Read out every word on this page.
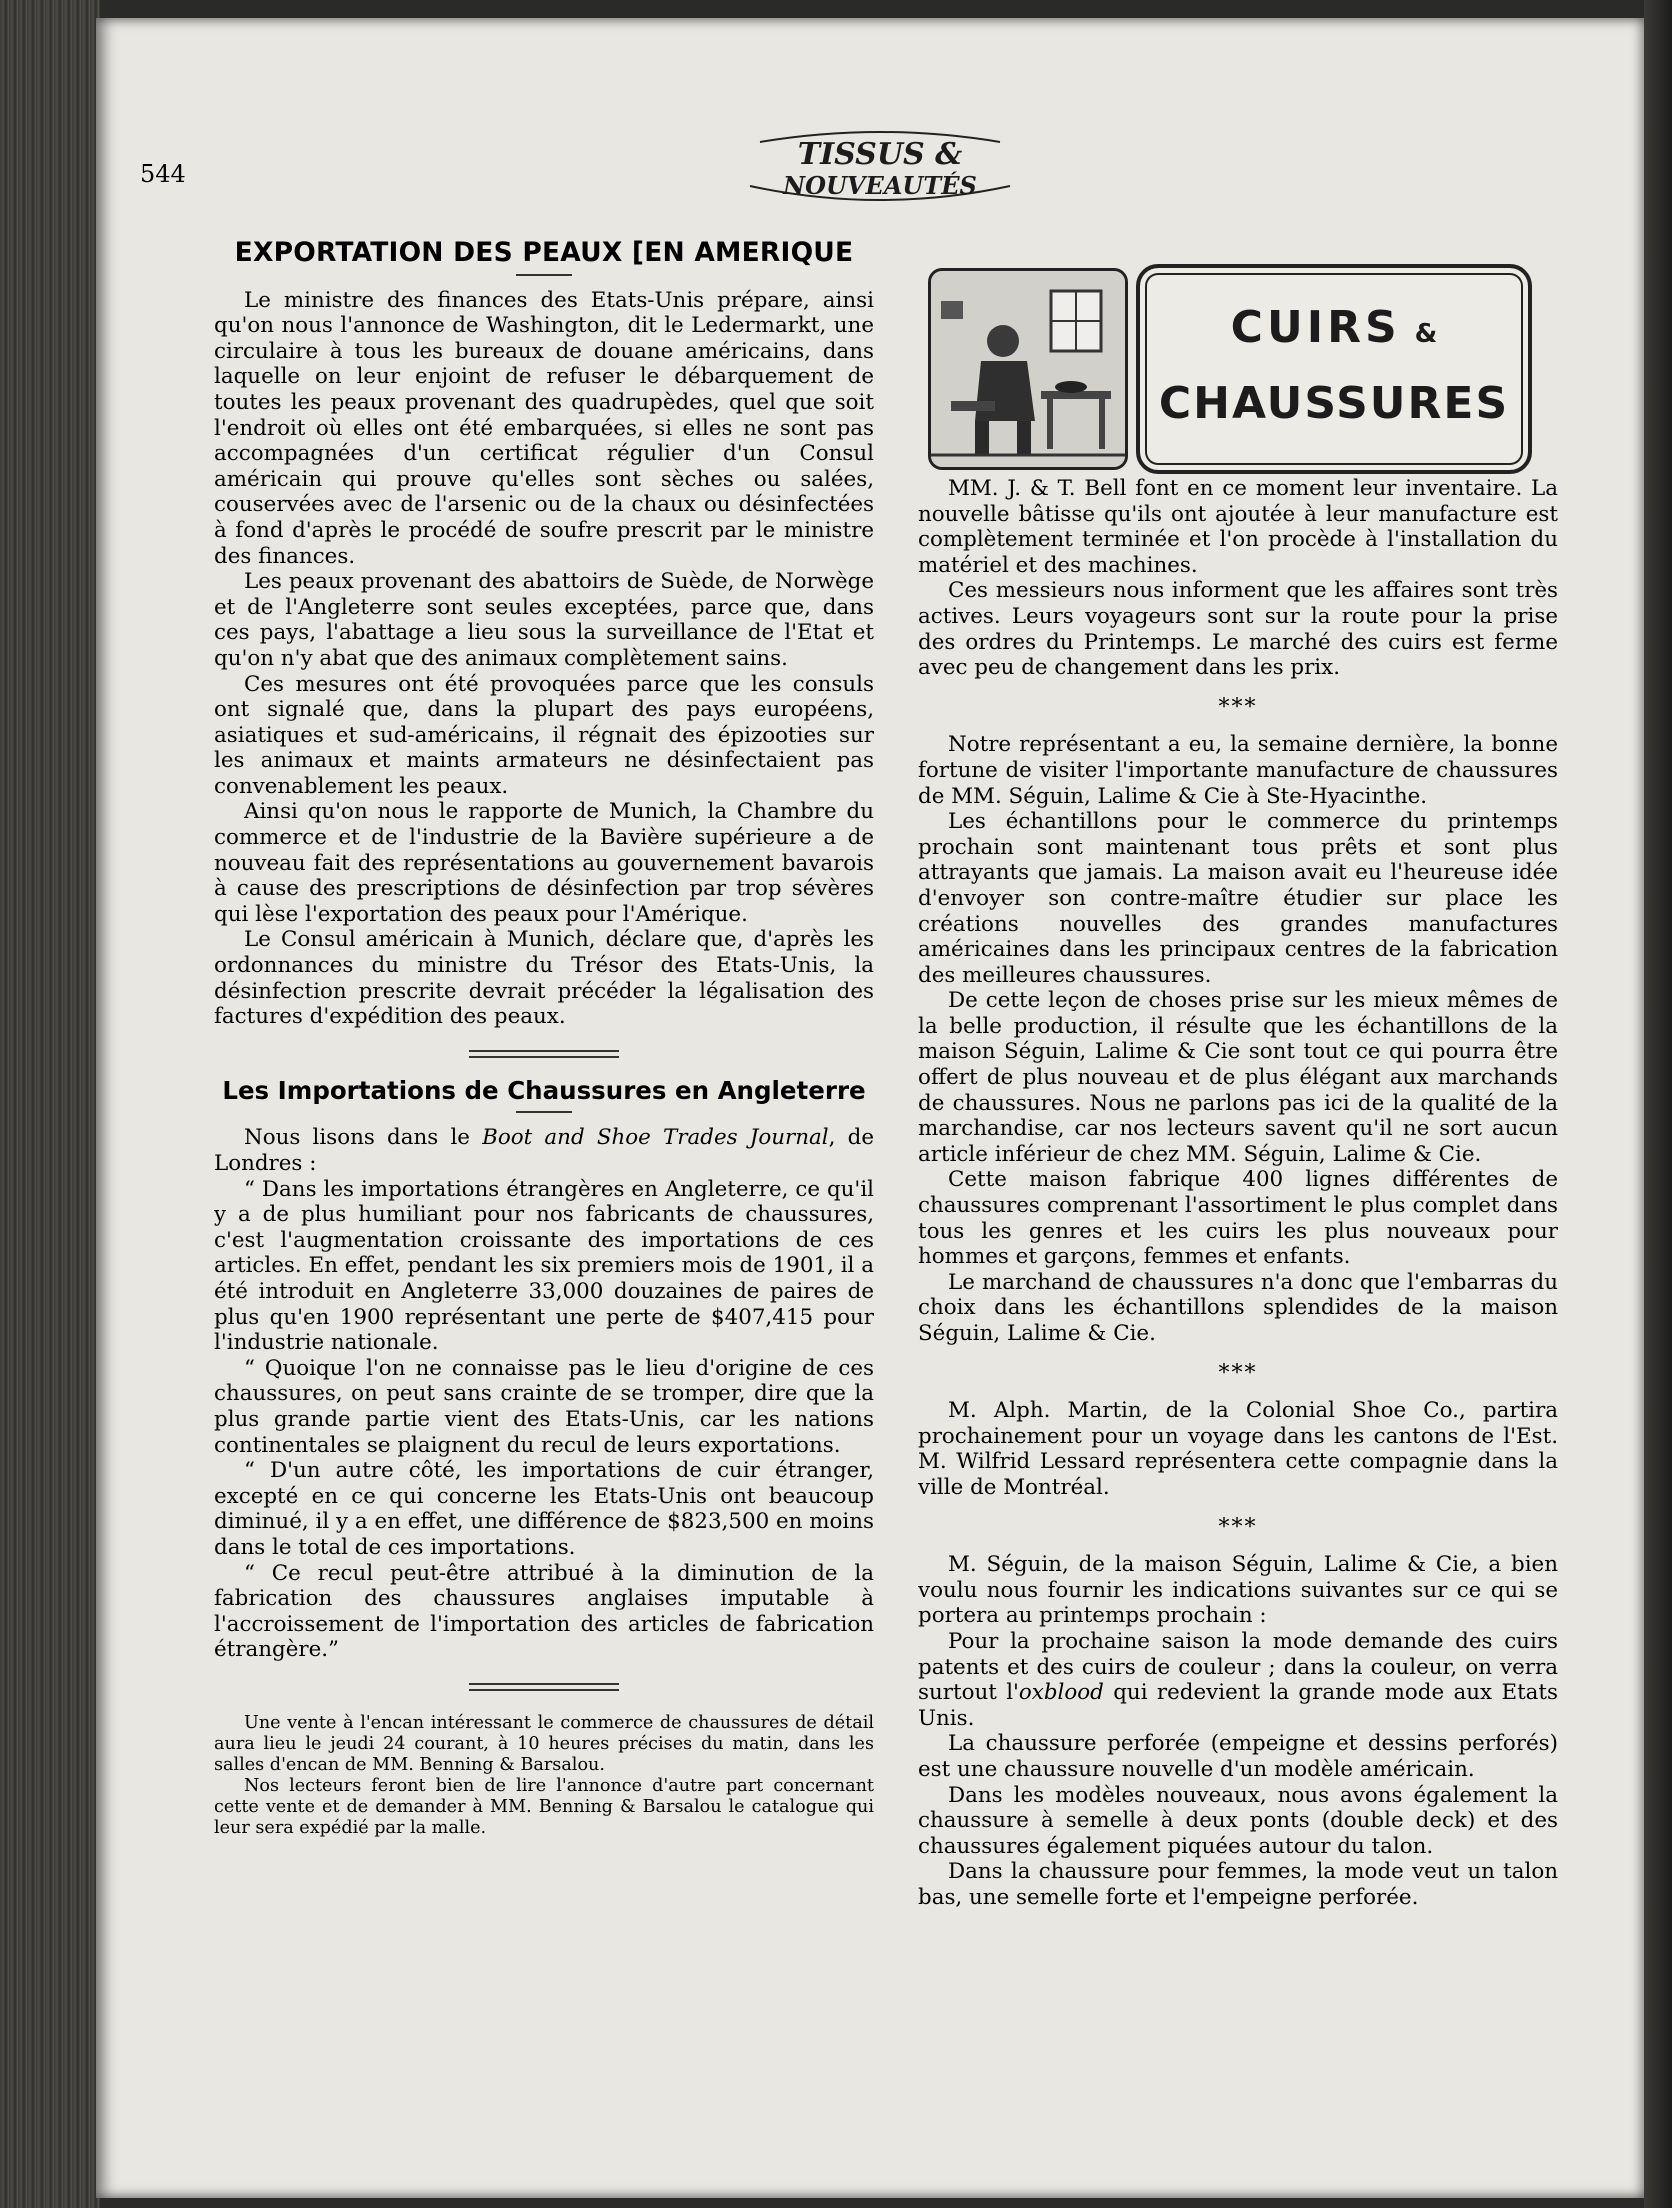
544
TISSUS &
NOUVEAUTÉS
EXPORTATION DES PEAUX [EN AMERIQUE

Le ministre des finances des Etats-Unis prépare, ainsi qu'on nous l'annonce de Washington, dit le Ledermarkt, une circulaire à tous les bureaux de douane américains, dans laquelle on leur enjoint de refuser le débarquement de toutes les peaux provenant des quadrupèdes, quel que soit l'endroit où elles ont été embarquées, si elles ne sont pas accompagnées d'un certificat régulier d'un Consul américain qui prouve qu'elles sont sèches ou salées, couservées avec de l'arsenic ou de la chaux ou désinfectées à fond d'après le procédé de soufre prescrit par le ministre des finances.

Les peaux provenant des abattoirs de Suède, de Norwège et de l'Angleterre sont seules exceptées, parce que, dans ces pays, l'abattage a lieu sous la surveillance de l'Etat et qu'on n'y abat que des animaux complètement sains.

Ces mesures ont été provoquées parce que les consuls ont signalé que, dans la plupart des pays européens, asiatiques et sud-américains, il régnait des épizooties sur les animaux et maints armateurs ne désinfectaient pas convenablement les peaux.

Ainsi qu'on nous le rapporte de Munich, la Chambre du commerce et de l'industrie de la Bavière supérieure a de nouveau fait des représentations au gouvernement bavarois à cause des prescriptions de désinfection par trop sévères qui lèse l'exportation des peaux pour l'Amérique.

Le Consul américain à Munich, déclare que, d'après les ordonnances du ministre du Trésor des Etats-Unis, la désinfection prescrite devrait précéder la légalisation des factures d'expédition des peaux.

Les Importations de Chaussures en Angleterre

Nous lisons dans le Boot and Shoe Trades Journal, de Londres :

“ Dans les importations étrangères en Angleterre, ce qu'il y a de plus humiliant pour nos fabricants de chaussures, c'est l'augmentation croissante des importations de ces articles. En effet, pendant les six premiers mois de 1901, il a été introduit en Angleterre 33,000 douzaines de paires de plus qu'en 1900 représentant une perte de $407,415 pour l'industrie nationale.

“ Quoique l'on ne connaisse pas le lieu d'origine de ces chaussures, on peut sans crainte de se tromper, dire que la plus grande partie vient des Etats-Unis, car les nations continentales se plaignent du recul de leurs exportations.

“ D'un autre côté, les importations de cuir étranger, excepté en ce qui concerne les Etats-Unis ont beaucoup diminué, il y a en effet, une différence de $823,500 en moins dans le total de ces importations.

“ Ce recul peut-être attribué à la diminution de la fabrication des chaussures anglaises imputable à l'accroissement de l'importation des articles de fabrication étrangère.”

Une vente à l'encan intéressant le commerce de chaussures de détail aura lieu le jeudi 24 courant, à 10 heures précises du matin, dans les salles d'encan de MM. Benning & Barsalou.

Nos lecteurs feront bien de lire l'annonce d'autre part concernant cette vente et de demander à MM. Benning & Barsalou le catalogue qui leur sera expédié par la malle.

CUIRS &
CHAUSSURES

MM. J. & T. Bell font en ce moment leur inventaire. La nouvelle bâtisse qu'ils ont ajoutée à leur manufacture est complètement terminée et l'on procède à l'installation du matériel et des machines.

Ces messieurs nous informent que les affaires sont très actives. Leurs voyageurs sont sur la route pour la prise des ordres du Printemps. Le marché des cuirs est ferme avec peu de changement dans les prix.

***

Notre représentant a eu, la semaine dernière, la bonne fortune de visiter l'importante manufacture de chaussures de MM. Séguin, Lalime & Cie à Ste-Hyacinthe.

Les échantillons pour le commerce du printemps prochain sont maintenant tous prêts et sont plus attrayants que jamais. La maison avait eu l'heureuse idée d'envoyer son contre-maître étudier sur place les créations nouvelles des grandes manufactures américaines dans les principaux centres de la fabrication des meilleures chaussures.

De cette leçon de choses prise sur les mieux mêmes de la belle production, il résulte que les échantillons de la maison Séguin, Lalime & Cie sont tout ce qui pourra être offert de plus nouveau et de plus élégant aux marchands de chaussures. Nous ne parlons pas ici de la qualité de la marchandise, car nos lecteurs savent qu'il ne sort aucun article inférieur de chez MM. Séguin, Lalime & Cie.

Cette maison fabrique 400 lignes différentes de chaussures comprenant l'assortiment le plus complet dans tous les genres et les cuirs les plus nouveaux pour hommes et garçons, femmes et enfants.

Le marchand de chaussures n'a donc que l'embarras du choix dans les échantillons splendides de la maison Séguin, Lalime & Cie.

***

M. Alph. Martin, de la Colonial Shoe Co., partira prochainement pour un voyage dans les cantons de l'Est. M. Wilfrid Lessard représentera cette compagnie dans la ville de Montréal.

***

M. Séguin, de la maison Séguin, Lalime & Cie, a bien voulu nous fournir les indications suivantes sur ce qui se portera au printemps prochain :

Pour la prochaine saison la mode demande des cuirs patents et des cuirs de couleur ; dans la couleur, on verra surtout l'oxblood qui redevient la grande mode aux Etats Unis.

La chaussure perforée (empeigne et dessins perforés) est une chaussure nouvelle d'un modèle américain.

Dans les modèles nouveaux, nous avons également la chaussure à semelle à deux ponts (double deck) et des chaussures également piquées autour du talon.

Dans la chaussure pour femmes, la mode veut un talon bas, une semelle forte et l'empeigne perforée.
